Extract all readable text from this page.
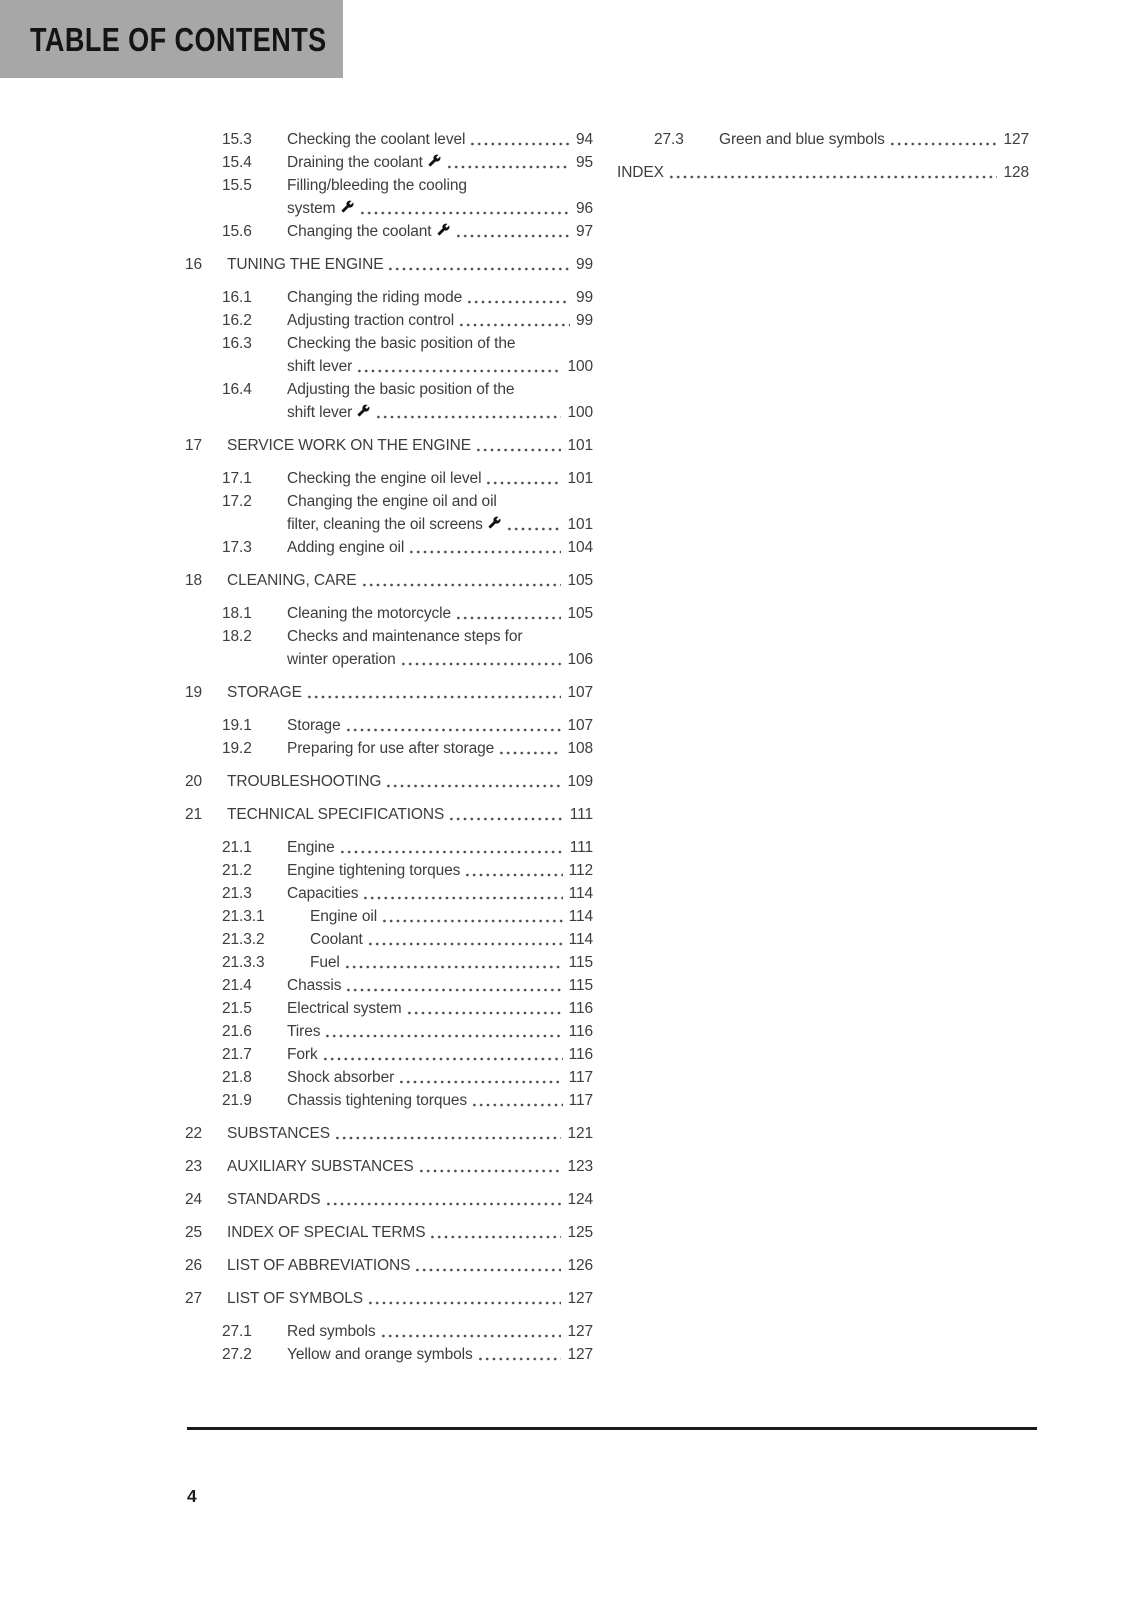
TABLE OF CONTENTS
15.3	Checking the coolant level	94
15.4	Draining the coolant	95
15.5	Filling/bleeding the cooling
system	96
15.6	Changing the coolant	97
16	TUNING THE ENGINE	99
16.1	Changing the riding mode	99
16.2	Adjusting traction control	99
16.3	Checking the basic position of the
shift lever	100
16.4	Adjusting the basic position of the
shift lever	100
17	SERVICE WORK ON THE ENGINE	101
17.1	Checking the engine oil level	101
17.2	Changing the engine oil and oil
filter, cleaning the oil screens	101
17.3	Adding engine oil	104
18	CLEANING, CARE	105
18.1	Cleaning the motorcycle	105
18.2	Checks and maintenance steps for
winter operation	106
19	STORAGE	107
19.1	Storage	107
19.2	Preparing for use after storage	108
20	TROUBLESHOOTING	109
21	TECHNICAL SPECIFICATIONS	111
21.1	Engine	111
21.2	Engine tightening torques	112
21.3	Capacities	114
21.3.1	Engine oil	114
21.3.2	Coolant	114
21.3.3	Fuel	115
21.4	Chassis	115
21.5	Electrical system	116
21.6	Tires	116
21.7	Fork	116
21.8	Shock absorber	117
21.9	Chassis tightening torques	117
22	SUBSTANCES	121
23	AUXILIARY SUBSTANCES	123
24	STANDARDS	124
25	INDEX OF SPECIAL TERMS	125
26	LIST OF ABBREVIATIONS	126
27	LIST OF SYMBOLS	127
27.1	Red symbols	127
27.2	Yellow and orange symbols	127
27.3	Green and blue symbols	127
INDEX	128
4
